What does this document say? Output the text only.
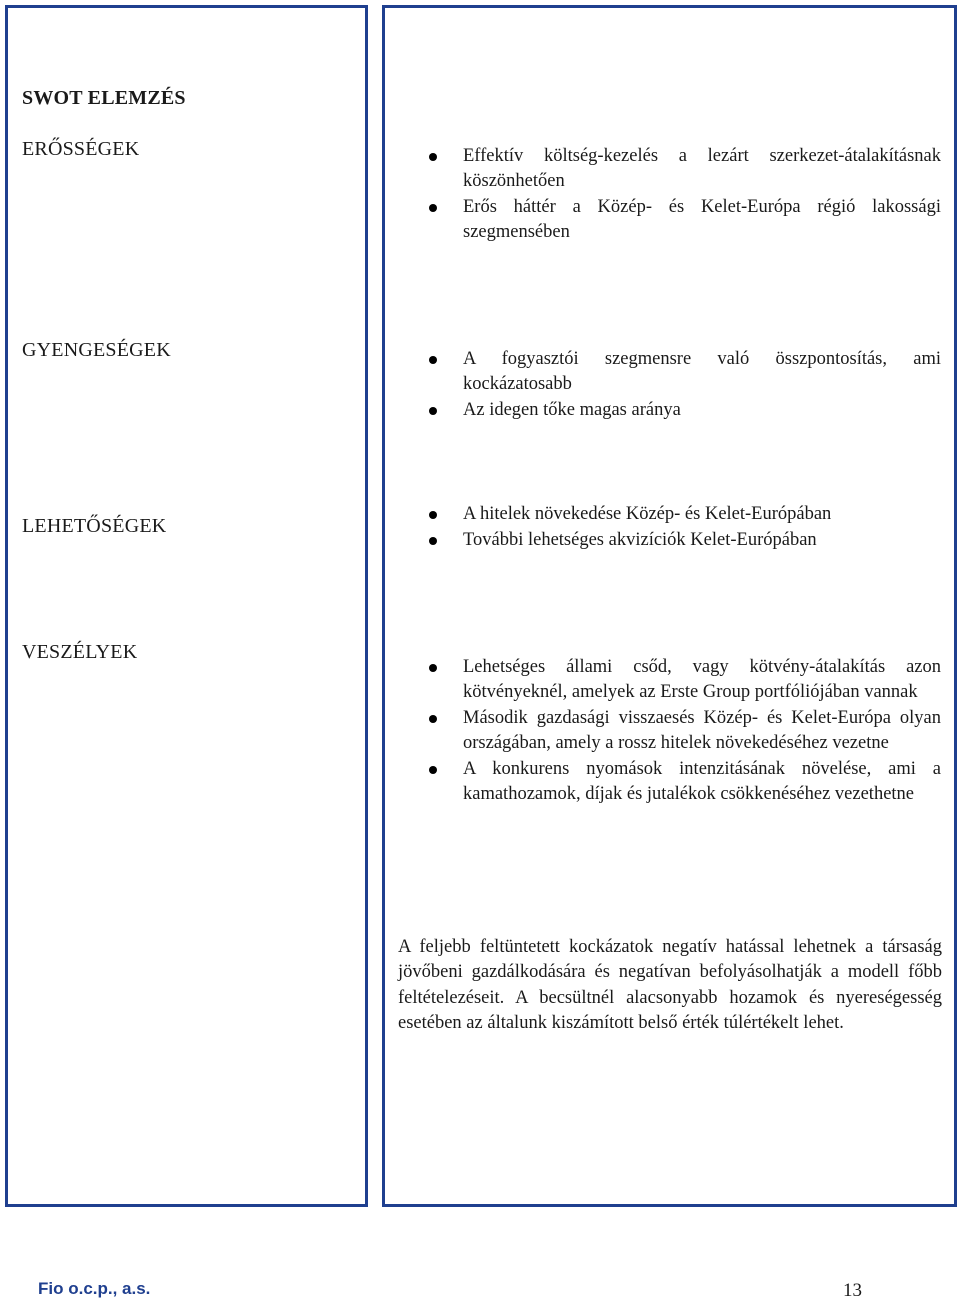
SWOT ELEMZÉS
ERŐSSÉGEK	Effektív költség-kezelés a lezárt szerkezet-átalakításnak köszönhetően
Erős háttér a Közép- és Kelet-Európa régió lakossági szegmensében
GYENGESÉGEK	A fogyasztói szegmensre való összpontosítás, ami kockázatosabb
Az idegen tőke magas aránya
LEHETŐSÉGEK
A hitelek növekedése Közép- és Kelet-Európában
További lehetséges akvizíciók Kelet-Európában
VESZÉLYEK
Lehetséges állami csőd, vagy kötvény-átalakítás azon kötvényeknél, amelyek az Erste Group portfóliójában vannak
Második gazdasági visszaesés Közép- és Kelet-Európa olyan országában, amely a rossz hitelek növekedéséhez vezetne
A konkurens nyomások intenzitásának növelése, ami a kamathozamok, díjak és jutalékok csökkenéséhez vezethetne

A feljebb feltüntetett kockázatok negatív hatással lehetnek a társaság jövőbeni gazdálkodására és negatívan befolyásolhatják a modell főbb feltételezéseit. A becsültnél alacsonyabb hozamok és nyereségesség esetében az általunk kiszámított belső érték túlértékelt lehet.

Fio o.c.p., a.s.	13
